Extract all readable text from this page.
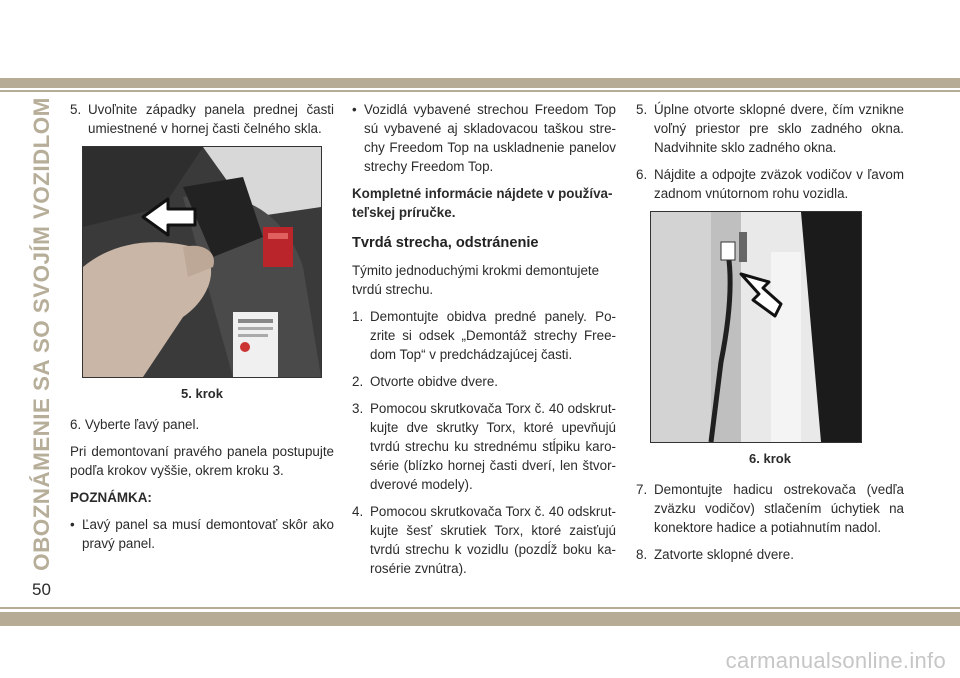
OBOZNÁMENIE SA SO SVOJÍM VOZIDLOM
50
5. Uvoľnite západky panela prednej časti umiestnené v hornej časti čelného skla.
5. krok

6. Vyberte ľavý panel.

Pri demontovaní pravého panela postupujte podľa krokov vyššie, okrem kroku 3.

POZNÁMKA:

• Ľavý panel sa musí demontovať skôr ako pravý panel.
• Vozidlá vybavené strechou Freedom Top sú vybavené aj skladovacou taškou stre-chy Freedom Top na uskladnenie panelov strechy Freedom Top.

Kompletné informácie nájdete v používa-teľskej príručke.

Tvrdá strecha, odstránenie

Týmito jednoduchými krokmi demontujete tvrdú strechu.

1. Demontujte obidva predné panely. Po-zrite si odsek „Demontáž strechy Free-dom Top“ v predchádzajúcej časti.
2. Otvorte obidve dvere.
3. Pomocou skrutkovača Torx č. 40 odskrut-kujte dve skrutky Torx, ktoré upevňujú tvrdú strechu ku strednému stĺpiku karo-série (blízko hornej časti dverí, len štvor-dverové modely).
4. Pomocou skrutkovača Torx č. 40 odskrut-kujte šesť skrutiek Torx, ktoré zaisťujú tvrdú strechu k vozidlu (pozdĺž boku ka-rosérie zvnútra).
5. Úplne otvorte sklopné dvere, čím vznikne voľný priestor pre sklo zadného okna. Nadvihnite sklo zadného okna.
6. Nájdite a odpojte zväzok vodičov v ľavom zadnom vnútornom rohu vozidla.
6. krok
7. Demontujte hadicu ostrekovača (vedľa zväzku vodičov) stlačením úchytiek na konektore hadice a potiahnutím nadol.
8. Zatvorte sklopné dvere.
carmanualsonline.info
